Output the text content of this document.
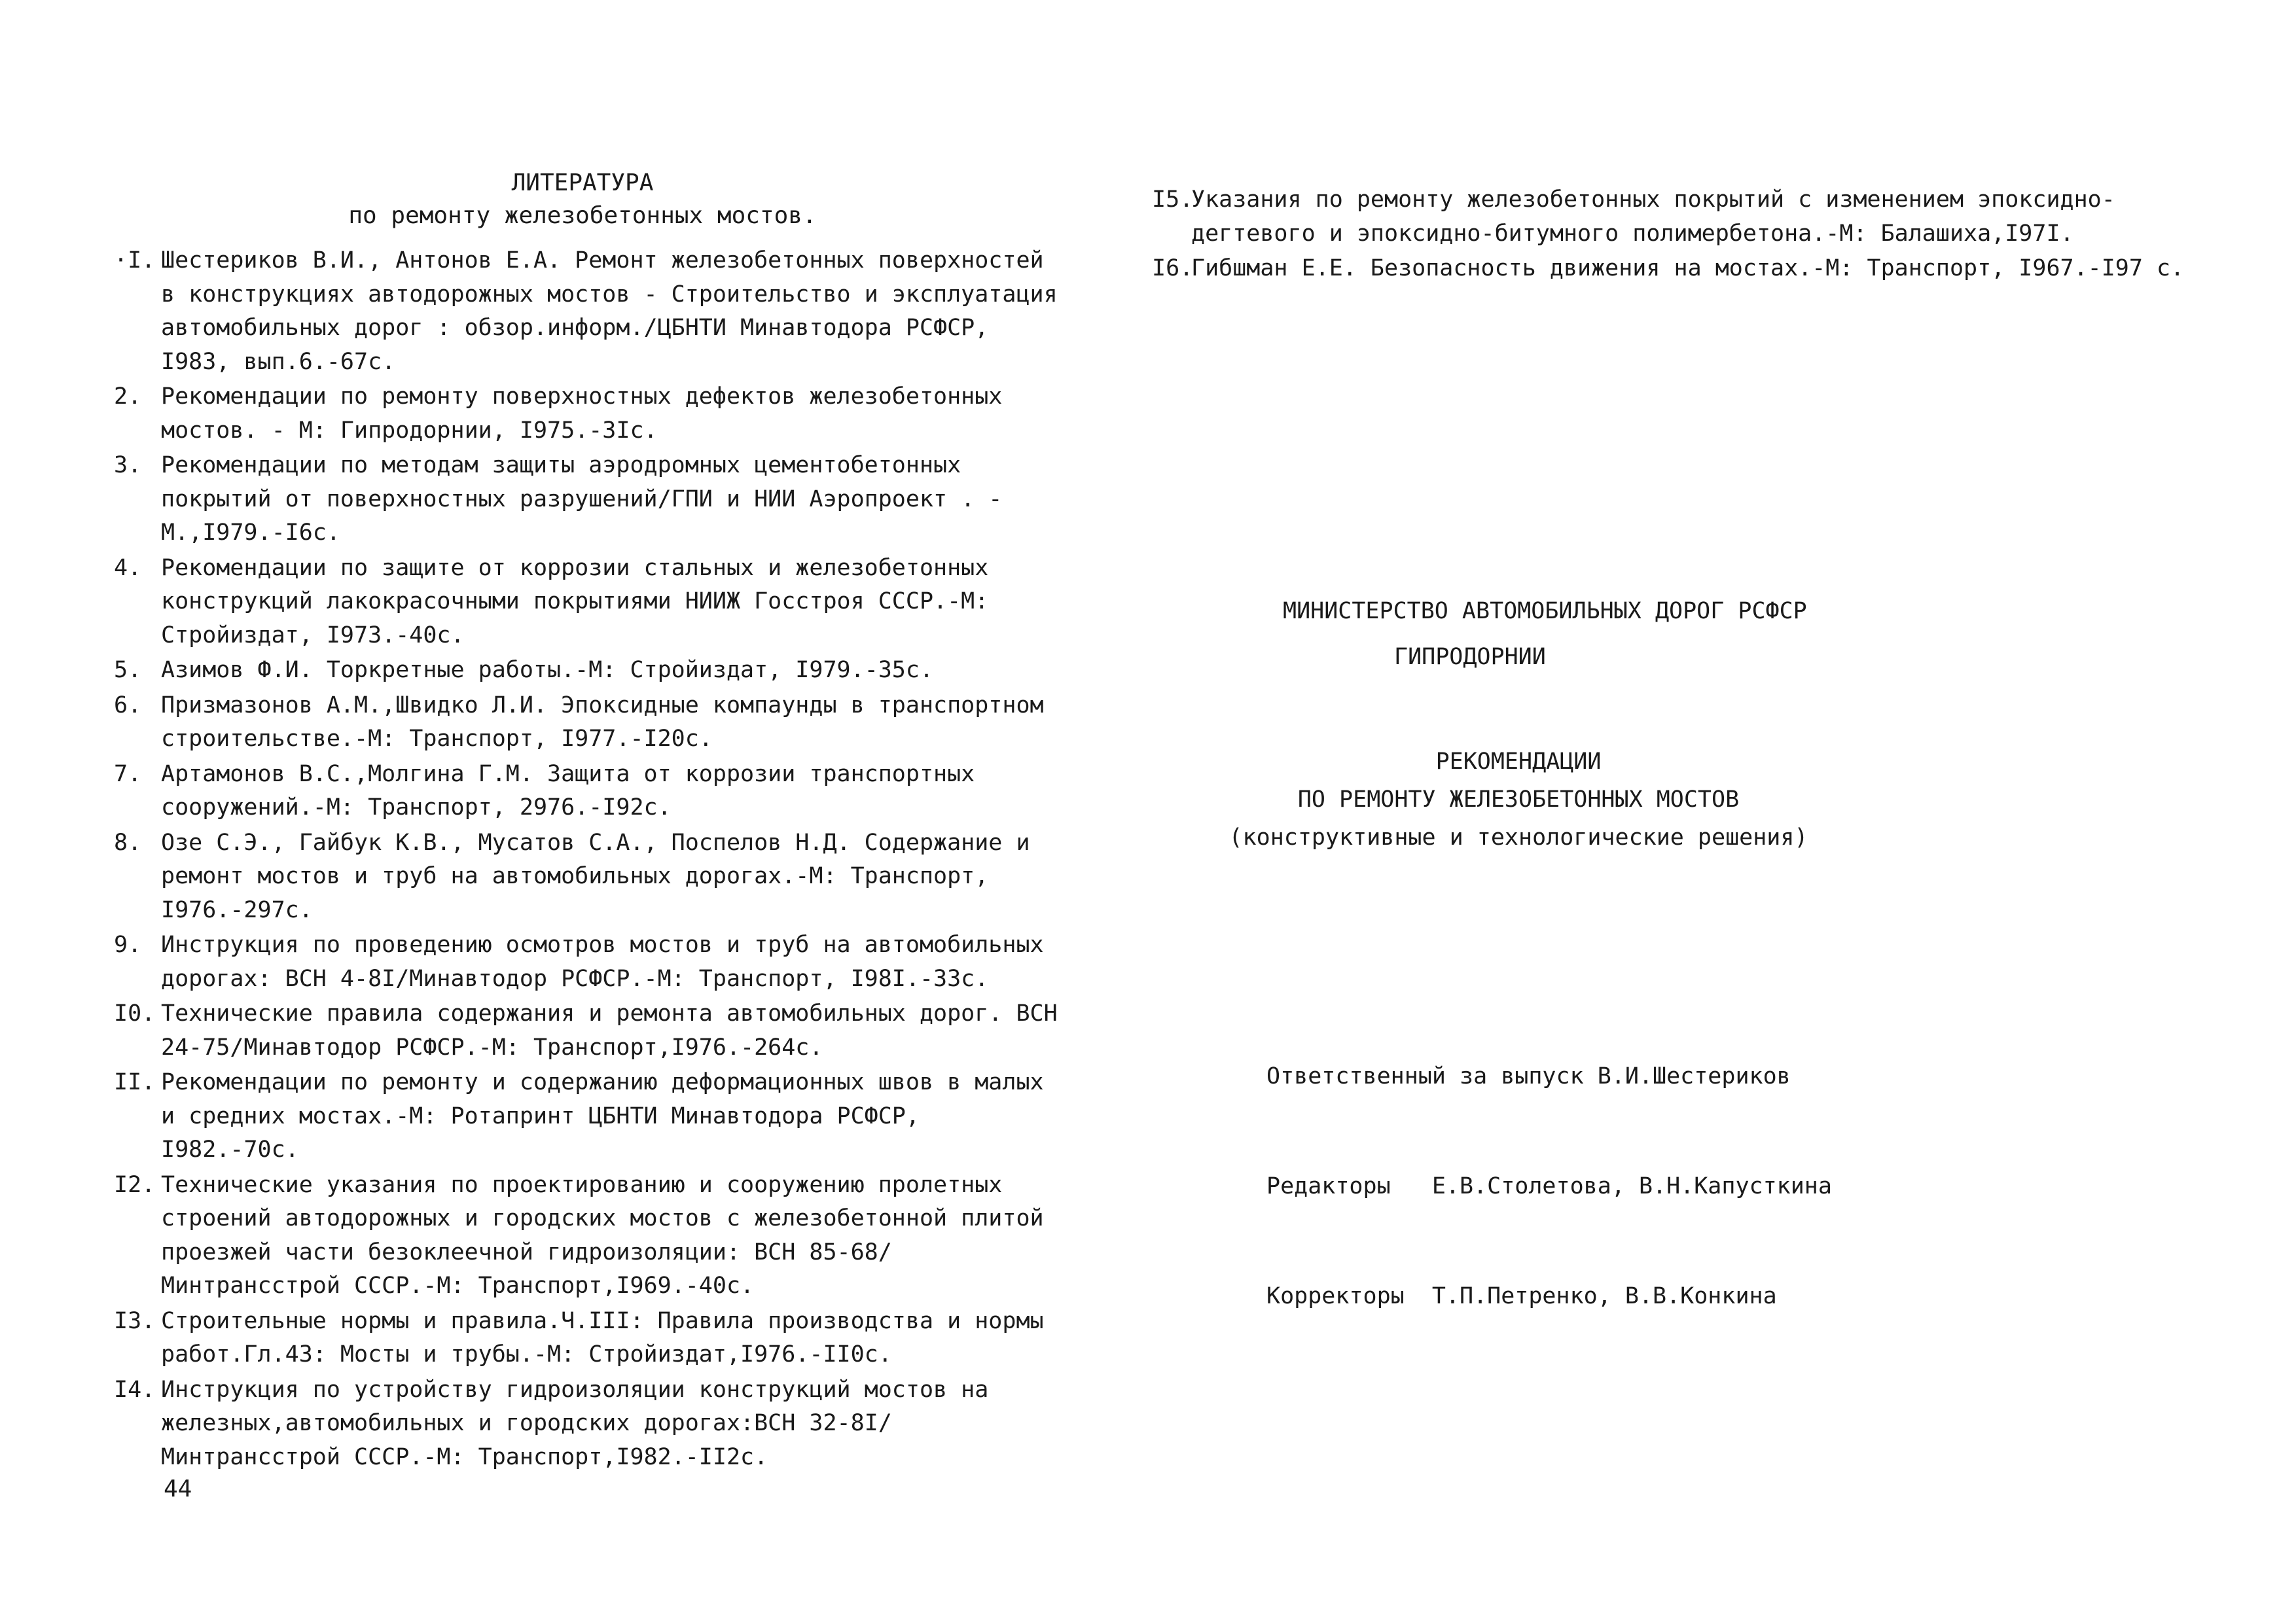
ЛИТЕРАТУРА
по ремонту железобетонных мостов.
·I. Шестериков В.И., Антонов Е.А. Ремонт железобетонных поверхностей в конструкциях автодорожных мостов - Строительство и эксплуатация автомобильных дорог : обзор.информ./ЦБНТИ Минавтодора РСФСР, I983, вып.6.-67с.
2. Рекомендации по ремонту поверхностных дефектов железобетонных мостов. - М: Гипродорнии, I975.-3Iс.
3. Рекомендации по методам защиты аэродромных цементобетонных покрытий от поверхностных разрушений/ГПИ и НИИ Аэропроект . - М.,I979.-I6с.
4. Рекомендации по защите от коррозии стальных и железобетонных конструкций лакокрасочными покрытиями НИИЖ Госстроя СССР.-М: Стройиздат, I973.-40с.
5. Азимов Ф.И. Торкретные работы.-М: Стройиздат, I979.-35с.
6. Призмазонов А.М.,Швидко Л.И. Эпоксидные компаунды в транспортном строительстве.-М: Транспорт, I977.-I20с.
7. Артамонов В.С.,Молгина Г.М. Защита от коррозии транспортных сооружений.-М: Транспорт, 2976.-I92с.
8. Озе С.Э., Гайбук К.В., Мусатов С.А., Поспелов Н.Д. Содержание и ремонт мостов и труб на автомобильных дорогах.-М: Транспорт, I976.-297с.
9. Инструкция по проведению осмотров мостов и труб на автомобильных дорогах: ВСН 4-8I/Минавтодор РСФСР.-М: Транспорт, I98I.-33с.
I0. Технические правила содержания и ремонта автомобильных дорог. ВСН 24-75/Минавтодор РСФСР.-М: Транспорт,I976.-264с.
II. Рекомендации по ремонту и содержанию деформационных швов в малых и средних мостах.-М: Ротапринт ЦБНТИ Минавтодора РСФСР, I982.-70с.
I2. Технические указания по проектированию и сооружению пролетных строений автодорожных и городских мостов с железобетонной плитой проезжей части безоклеечной гидроизоляции: ВСН 85-68/Минтрансстрой СССР.-М: Транспорт,I969.-40с.
I3. Строительные нормы и правила.Ч.III: Правила производства и нормы работ.Гл.43: Мосты и трубы.-М: Стройиздат,I976.-II0с.
I4. Инструкция по устройству гидроизоляции конструкций мостов на железных,автомобильных и городских дорогах:ВСН 32-8I/Минтрансстрой СССР.-М: Транспорт,I982.-II2с.
44
I5.
Указания по ремонту железобетонных покрытий с изменением эпоксидно-дегтевого и эпоксидно-битумного полимербетона.-М: Балашиха,I97I.
I6.
Гибшман Е.Е. Безопасность движения на мостах.-М: Транспорт, I967.-I97 с.
МИНИСТЕРСТВО АВТОМОБИЛЬНЫХ ДОРОГ РСФСР
ГИПРОДОРНИИ
РЕКОМЕНДАЦИИ
ПО РЕМОНТУ ЖЕЛЕЗОБЕТОННЫХ МОСТОВ
(конструктивные и технологические решения)

Ответственный за выпуск В.И.Шестериков

Редакторы   Е.В.Столетова, В.Н.Капусткина

Корректоры  Т.П.Петренко, В.В.Конкина
